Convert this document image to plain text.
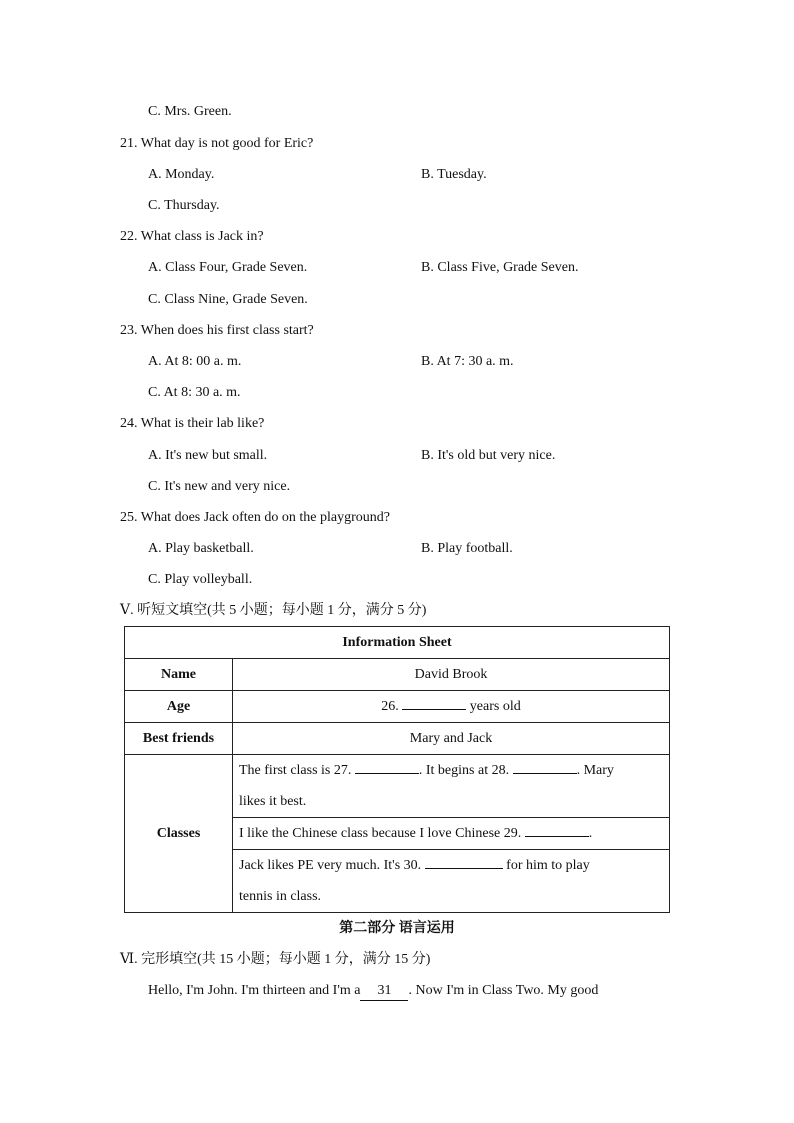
C. Mrs. Green.
21. What day is not good for Eric?
A. Monday.	B. Tuesday.
C. Thursday.
22. What class is Jack in?
A. Class Four, Grade Seven.	B. Class Five, Grade Seven.
C. Class Nine, Grade Seven.
23. When does his first class start?
A. At 8: 00 a. m.	B. At 7: 30 a. m.
C. At 8: 30 a. m.
24. What is their lab like?
A. It's new but small.	B. It's old but very nice.
C. It's new and very nice.
25. What does Jack often do on the playground?
A. Play basketball.	B. Play football.
C. Play volleyball.
Ⅴ. 听短文填空(共 5 小题；每小题 1 分，满分 5 分)
Information Sheet	
Name	David Brook
Age	26. years old
Best friends	Mary and Jack
Classes	The first class is 27. . It begins at 28. . Mary
likes it best.
	I like the Chinese class because I love Chinese 29. .
	Jack likes PE very much. It's 30. for him to play
tennis in class.
第二部分 语言运用
Ⅵ. 完形填空(共 15 小题；每小题 1 分，满分 15 分)
Hello, I'm John. I'm thirteen and I'm a 31 . Now I'm in Class Two. My good
